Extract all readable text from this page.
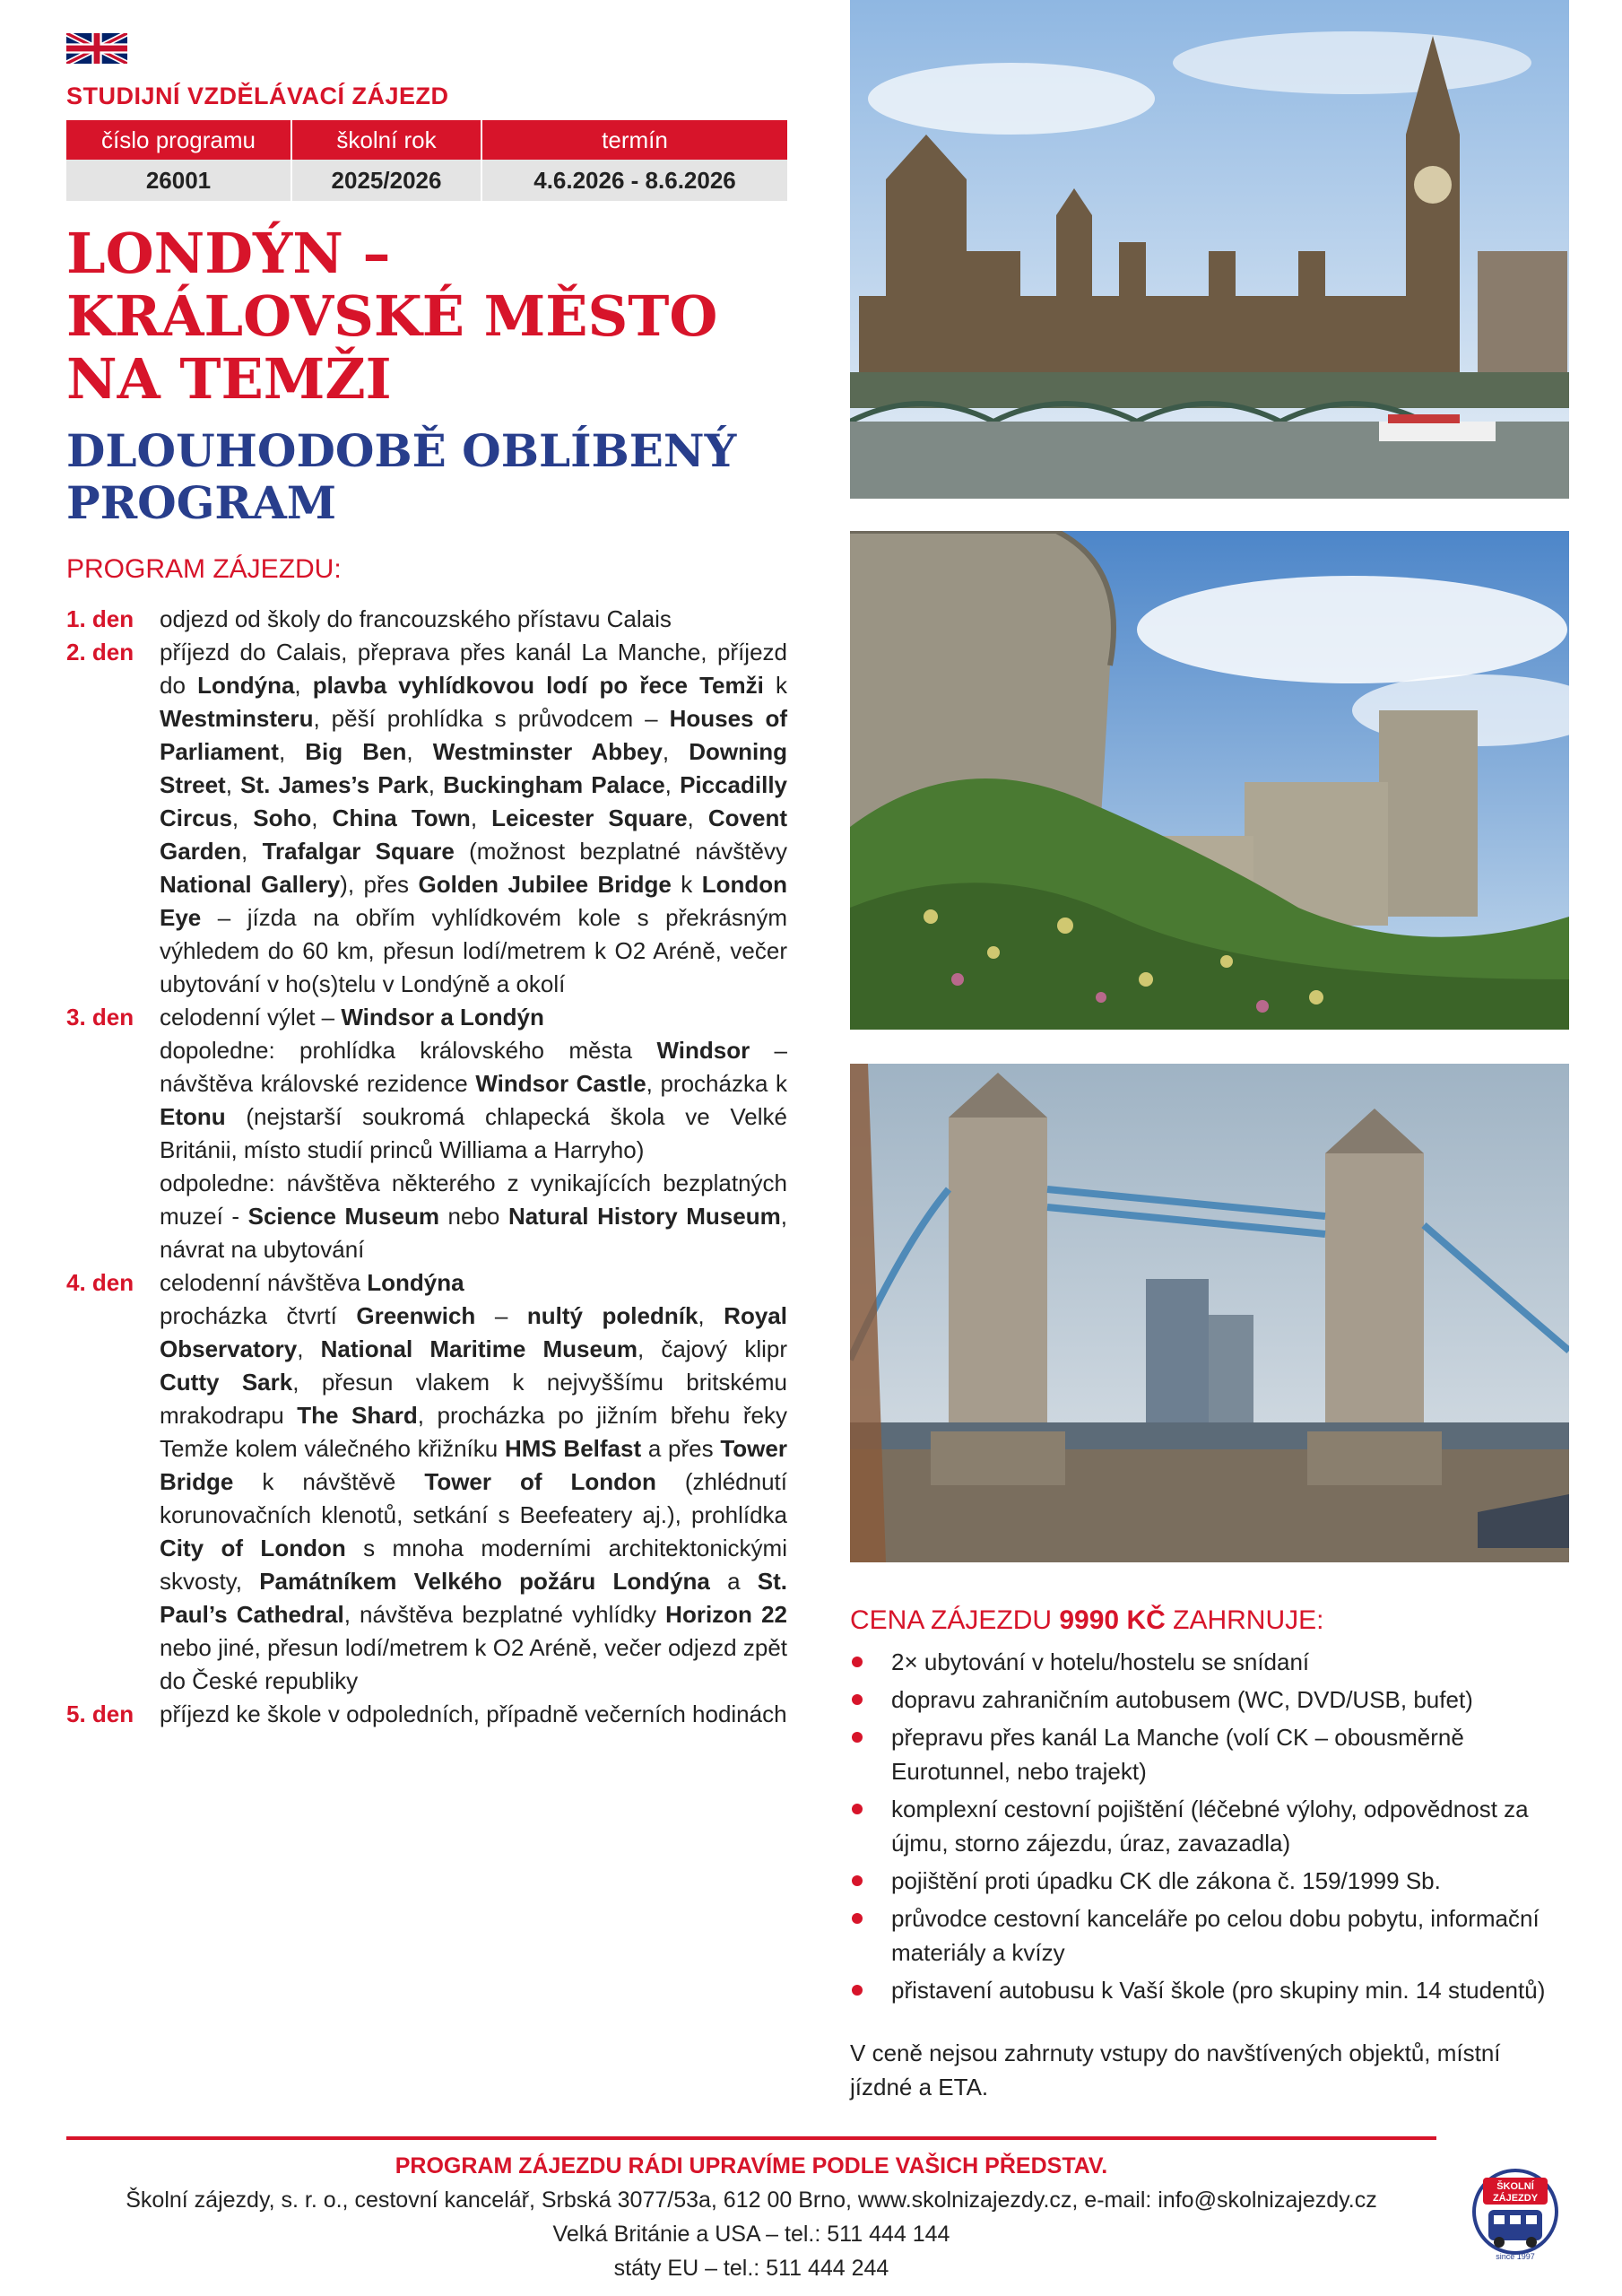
STUDIJNÍ VZDĚLÁVACÍ ZÁJEZD
číslo programu	školní rok	termín
26001	2025/2026	4.6.2026 - 8.6.2026
LONDÝN –
KRÁLOVSKÉ MĚSTO
NA TEMŽI
DLOUHODOBĚ OBLÍBENÝ
PROGRAM
PROGRAM ZÁJEZDU:
1. den	odjezd od školy do francouzského přístavu Calais
2. den	příjezd do Calais, přeprava přes kanál La Manche, příjezd do Londýna, plavba vyhlídkovou lodí po řece Temži k Westminsteru, pěší prohlídka s průvodcem – Houses of Parliament, Big Ben, Westminster Abbey, Downing Street, St. James’s Park, Buckingham Palace, Piccadilly Circus, Soho, China Town, Leicester Square, Covent Garden, Trafalgar Square (možnost bezplatné návštěvy National Gallery), přes Golden Jubilee Bridge k London Eye – jízda na obřím vyhlídkovém kole s překrásným výhledem do 60 km, přesun lodí/metrem k O2 Aréně, večer ubytování v ho(s)telu v Londýně a okolí
3. den	celodenní výlet – Windsor a Londýn
dopoledne: prohlídka královského města Windsor – návštěva královské rezidence Windsor Castle, procházka k Etonu (nejstarší soukromá chlapecká škola ve Velké Británii, místo studií princů Williama a Harryho)
odpoledne: návštěva některého z vynikajících bezplatných muzeí - Science Museum nebo Natural History Museum, návrat na ubytování
4. den	celodenní návštěva Londýna
procházka čtvrtí Greenwich – nultý poledník, Royal Observatory, National Maritime Museum, čajový klipr Cutty Sark, přesun vlakem k nejvyššímu britskému mrakodrapu The Shard, procházka po jižním břehu řeky Temže kolem válečného křižníku HMS Belfast a přes Tower Bridge k návštěvě Tower of London (zhlédnutí korunovačních klenotů, setkání s Beefeatery aj.), prohlídka City of London s mnoha moderními architektonickými skvosty, Památníkem Velkého požáru Londýna a St. Paul’s Cathedral, návštěva bezplatné vyhlídky Horizon 22 nebo jiné, přesun lodí/metrem k O2 Aréně, večer odjezd zpět do České republiky
5. den	příjezd ke škole v odpoledních, případně večerních hodinách
CENA ZÁJEZDU 9990 KČ ZAHRNUJE:
2× ubytování v hotelu/hostelu se snídaní
dopravu zahraničním autobusem (WC, DVD/USB, bufet)
přepravu přes kanál La Manche (volí CK – obousměrně Eurotunnel, nebo trajekt)
komplexní cestovní pojištění (léčebné výlohy, odpovědnost za újmu, storno zájezdu, úraz, zavazadla)
pojištění proti úpadku CK dle zákona č. 159/1999 Sb.
průvodce cestovní kanceláře po celou dobu pobytu, informační materiály a kvízy
přistavení autobusu k Vaší škole (pro skupiny min. 14 studentů)
V ceně nejsou zahrnuty vstupy do navštívených objektů, místní jízdné a ETA.
PROGRAM ZÁJEZDU RÁDI UPRAVÍME PODLE VAŠICH PŘEDSTAV.
Školní zájezdy, s. r. o., cestovní kancelář, Srbská 3077/53a, 612 00 Brno, www.skolnizajezdy.cz, e-mail: info@skolnizajezdy.cz
Velká Británie a USA – tel.: 511 444 144
státy EU – tel.: 511 444 244
ŠKOLNÍ
ZÁJEZDY
since 1997
